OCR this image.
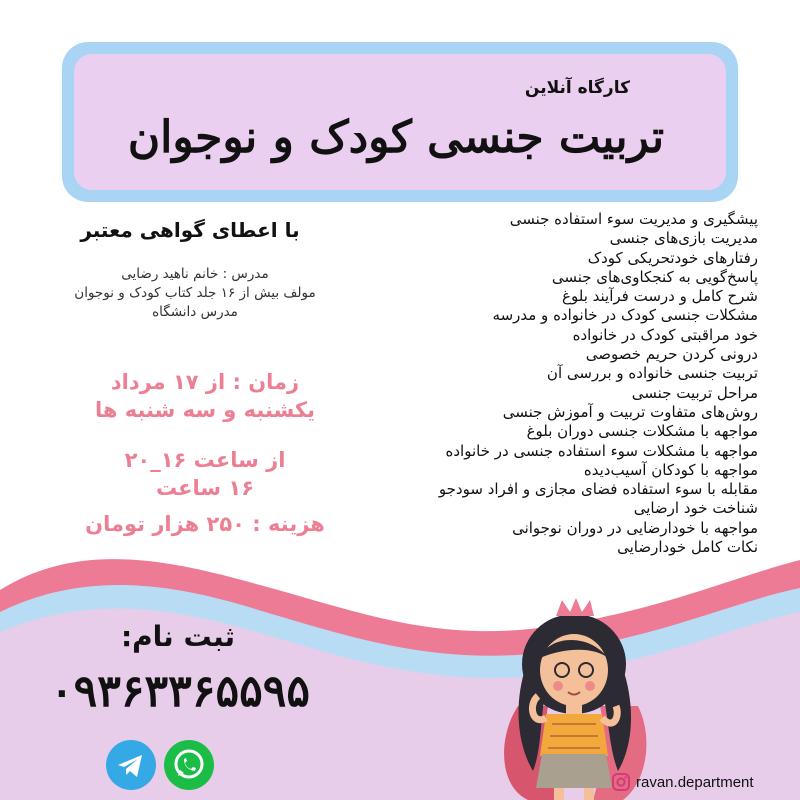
کارگاه آنلاین

تربیت جنسی کودک و نوجوان
پیشگیری و مدیریت سوء استفاده جنسی
مدیریت بازی‌های جنسی
رفتارهای خودتحریکی کودک
پاسخ‌گویی به کنجکاوی‌های جنسی
شرح کامل و درست فرآیند بلوغ
مشکلات جنسی کودک در خانواده و مدرسه
خود مراقبتی کودک در خانواده
درونی کردن حریم خصوصی
تربیت جنسی خانواده و بررسی آن
مراحل تربیت جنسی
روش‌های متفاوت تربیت و آموزش جنسی
مواجهه با مشکلات جنسی دوران بلوغ
مواجهه با مشکلات سوء استفاده جنسی در خانواده
مواجهه با کودکان آسیب‌دیده
مقابله با سوء استفاده فضای مجازی و افراد سودجو
شناخت خود ارضایی
مواجهه با خودارضایی در دوران نوجوانی
نکات کامل خودارضایی

با اعطای گواهی معتبر

مدرس : خانم ناهید رضایی
مولف بیش از ۱۶ جلد کتاب کودک و نوجوان
مدرس دانشگاه
زمان : از ۱۷ مرداد
یکشنبه و سه شنبه ها
از ساعت ۱۶_۲۰
۱۶ ساعت
هزینه : ۲۵۰ هزار تومان

ثبت نام:

۰۹۳۶۳۳۶۵۵۹۵

ravan.department
